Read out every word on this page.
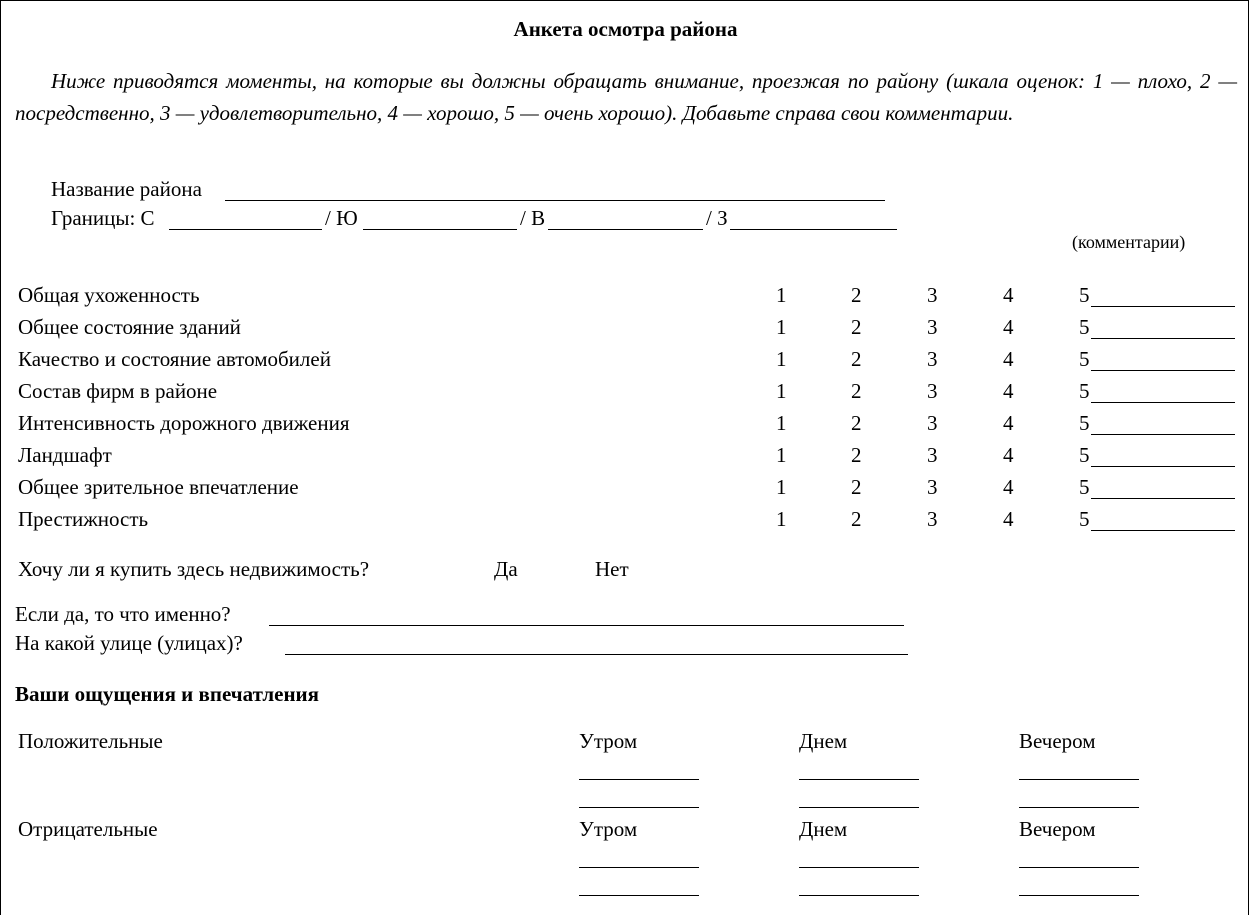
Анкета осмотра района
Ниже приводятся моменты, на которые вы должны обращать внимание, проезжая по району (шкала оценок: 1 — плохо, 2 — посредственно, 3 — удовлетворительно, 4 — хорошо, 5 — очень хорошо). Добавьте справа свои комментарии.
Название района
Границы: С	/ Ю	/ В	/ З
(комментарии)
Общая ухоженность	1	2	3	4	5
Общее состояние зданий	1	2	3	4	5
Качество и состояние автомобилей	1	2	3	4	5
Состав фирм в районе	1	2	3	4	5
Интенсивность дорожного движения	1	2	3	4	5
Ландшафт	1	2	3	4	5
Общее зрительное впечатление	1	2	3	4	5
Престижность	1	2	3	4	5
Хочу ли я купить здесь недвижимость?	Да	Нет
Если да, то что именно?
На какой улице (улицах)?
Ваши ощущения и впечатления
Положительные	Утром	Днем	Вечером
Отрицательные	Утром	Днем	Вечером
